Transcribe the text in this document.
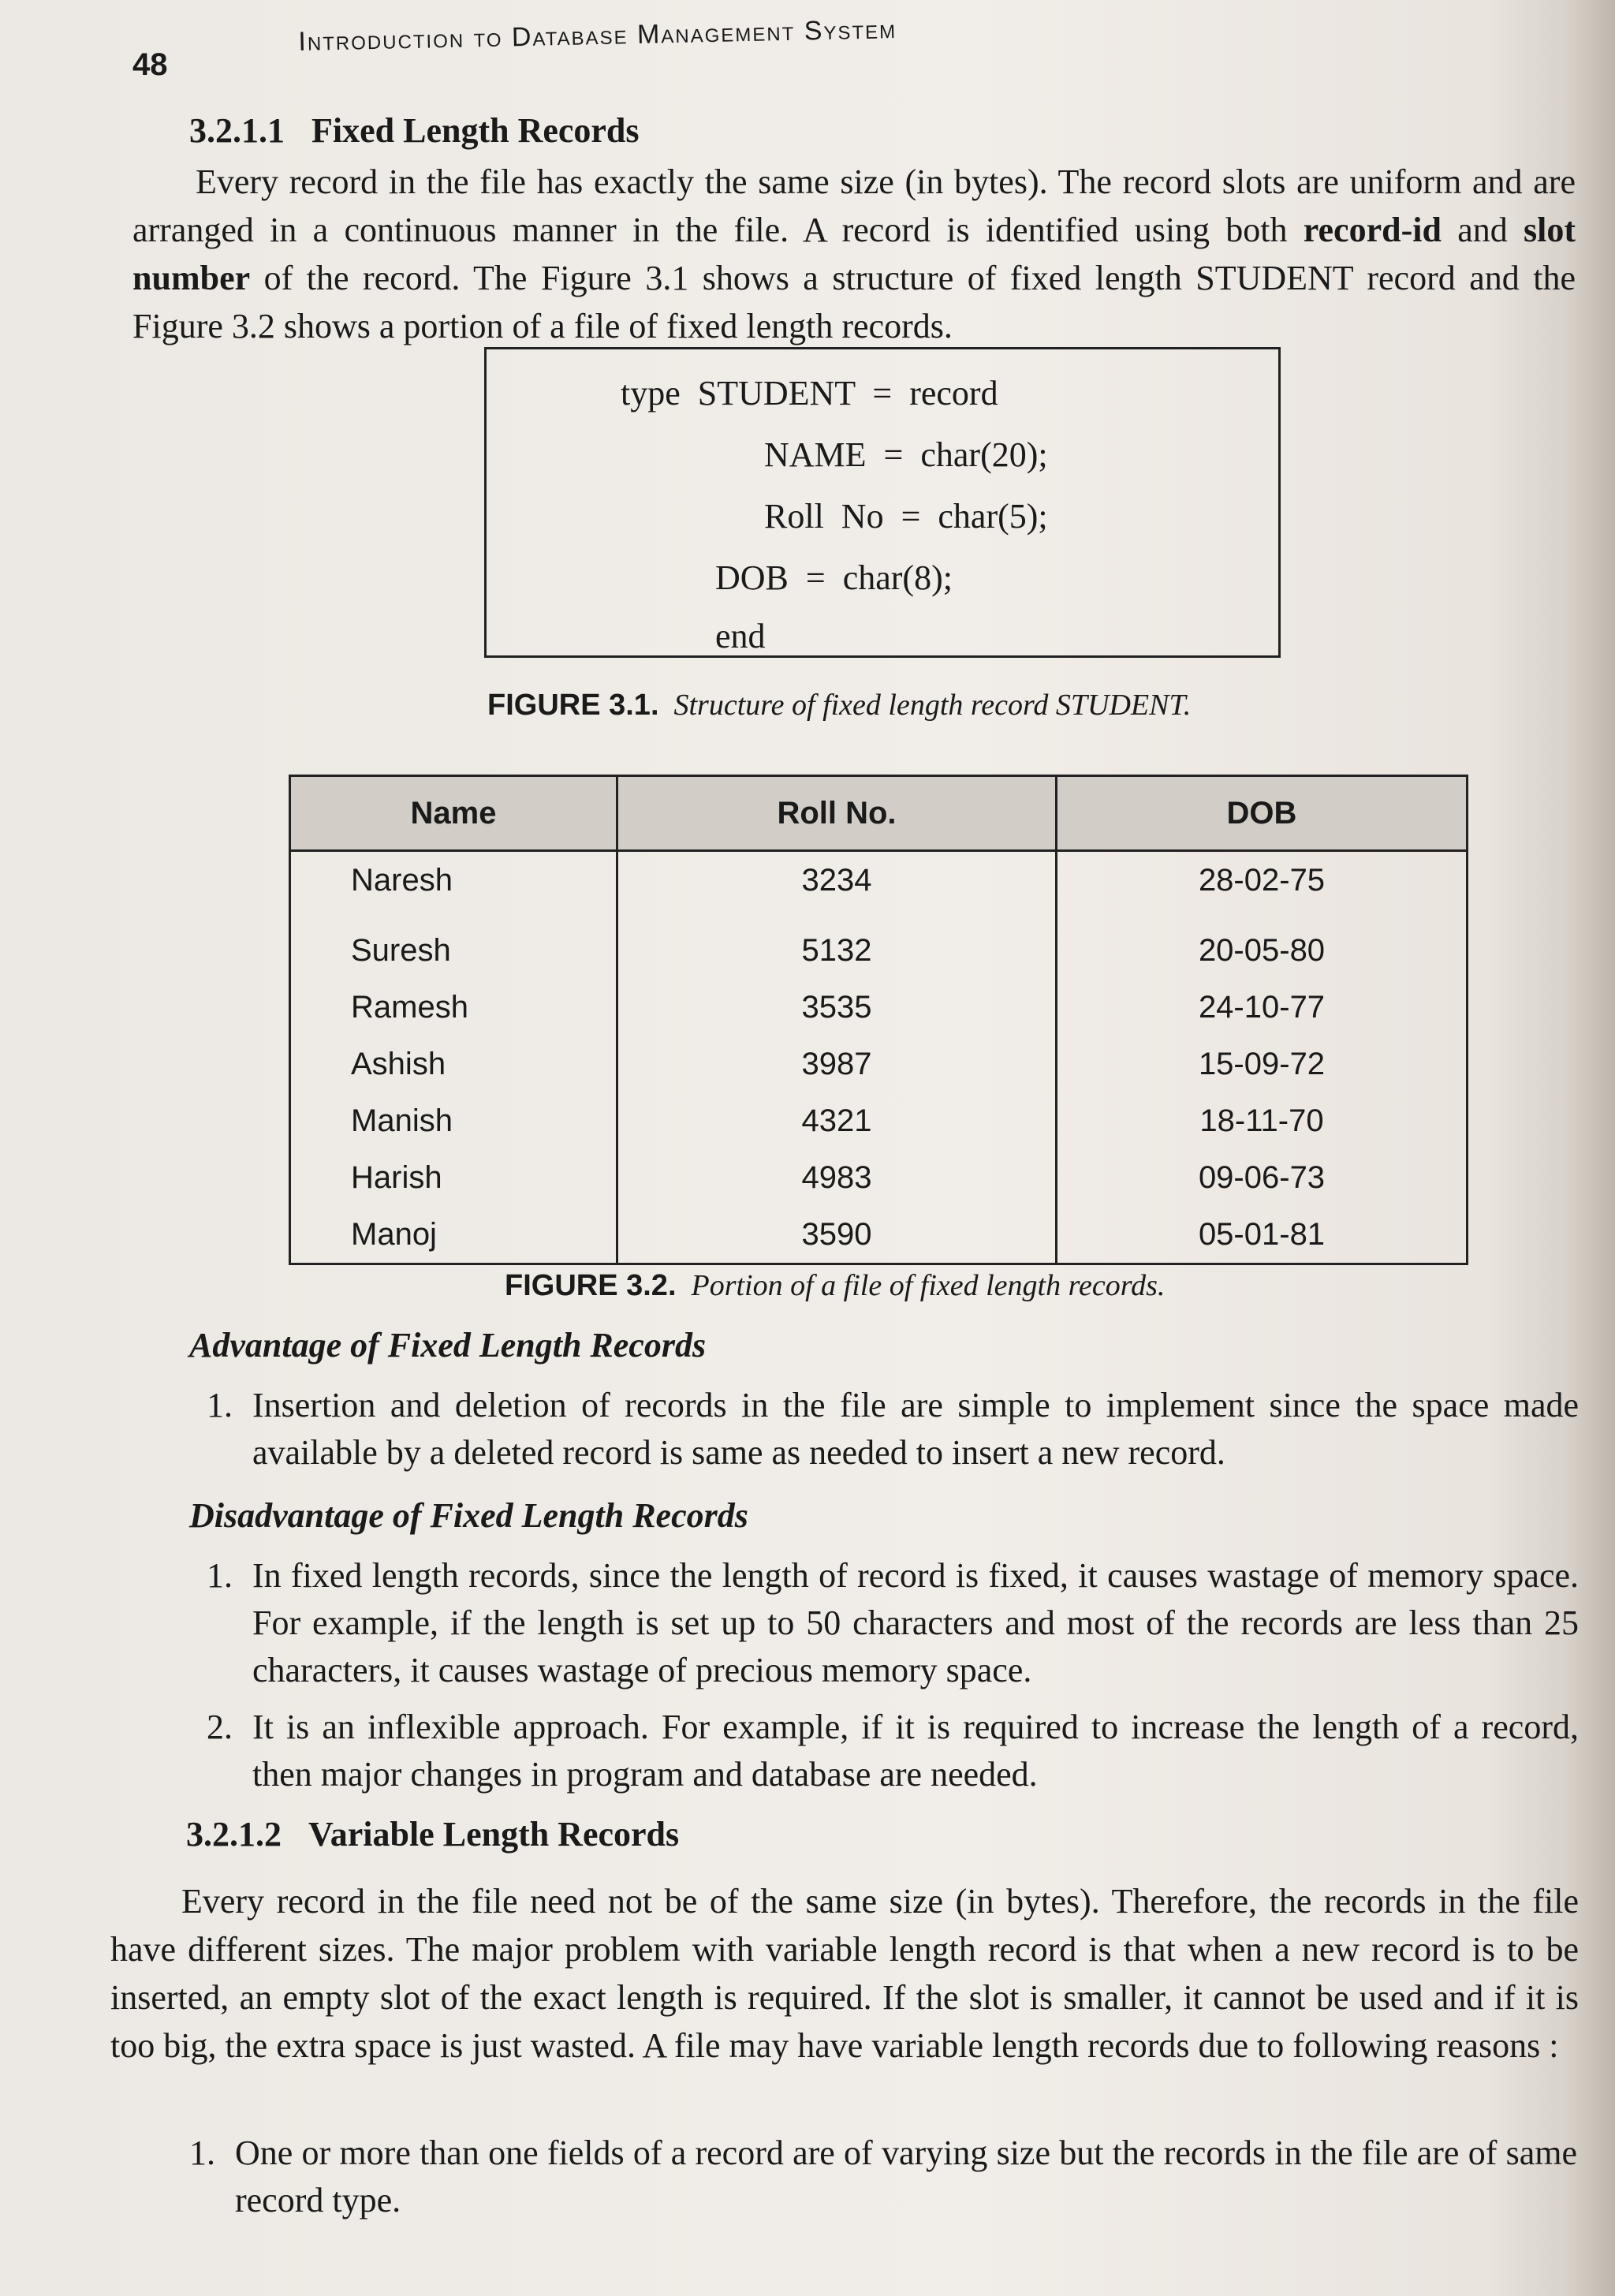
48
Introduction to Database Management System
3.2.1.1 Fixed Length Records
Every record in the file has exactly the same size (in bytes). The record slots are uniform and are arranged in a continuous manner in the file. A record is identified using both record-id and slot number of the record. The Figure 3.1 shows a structure of fixed length STUDENT record and the Figure 3.2 shows a portion of a file of fixed length records.
type  STUDENT  =  record
NAME  =  char(20);
Roll  No  =  char(5);
DOB  =  char(8);
end
FIGURE 3.1. Structure of fixed length record STUDENT.
Name	Roll No.	DOB
Naresh	3234	28-02-75
Suresh	5132	20-05-80
Ramesh	3535	24-10-77
Ashish	3987	15-09-72
Manish	4321	18-11-70
Harish	4983	09-06-73
Manoj	3590	05-01-81
FIGURE 3.2. Portion of a file of fixed length records.
Advantage of Fixed Length Records
1. Insertion and deletion of records in the file are simple to implement since the space made available by a deleted record is same as needed to insert a new record.
Disadvantage of Fixed Length Records
1. In fixed length records, since the length of record is fixed, it causes wastage of memory space. For example, if the length is set up to 50 characters and most of the records are less than 25 characters, it causes wastage of precious memory space.
2. It is an inflexible approach. For example, if it is required to increase the length of a record, then major changes in program and database are needed.
3.2.1.2 Variable Length Records
Every record in the file need not be of the same size (in bytes). Therefore, the records in the file have different sizes. The major problem with variable length record is that when a new record is to be inserted, an empty slot of the exact length is required. If the slot is smaller, it cannot be used and if it is too big, the extra space is just wasted. A file may have variable length records due to following reasons :
1. One or more than one fields of a record are of varying size but the records in the file are of same record type.
